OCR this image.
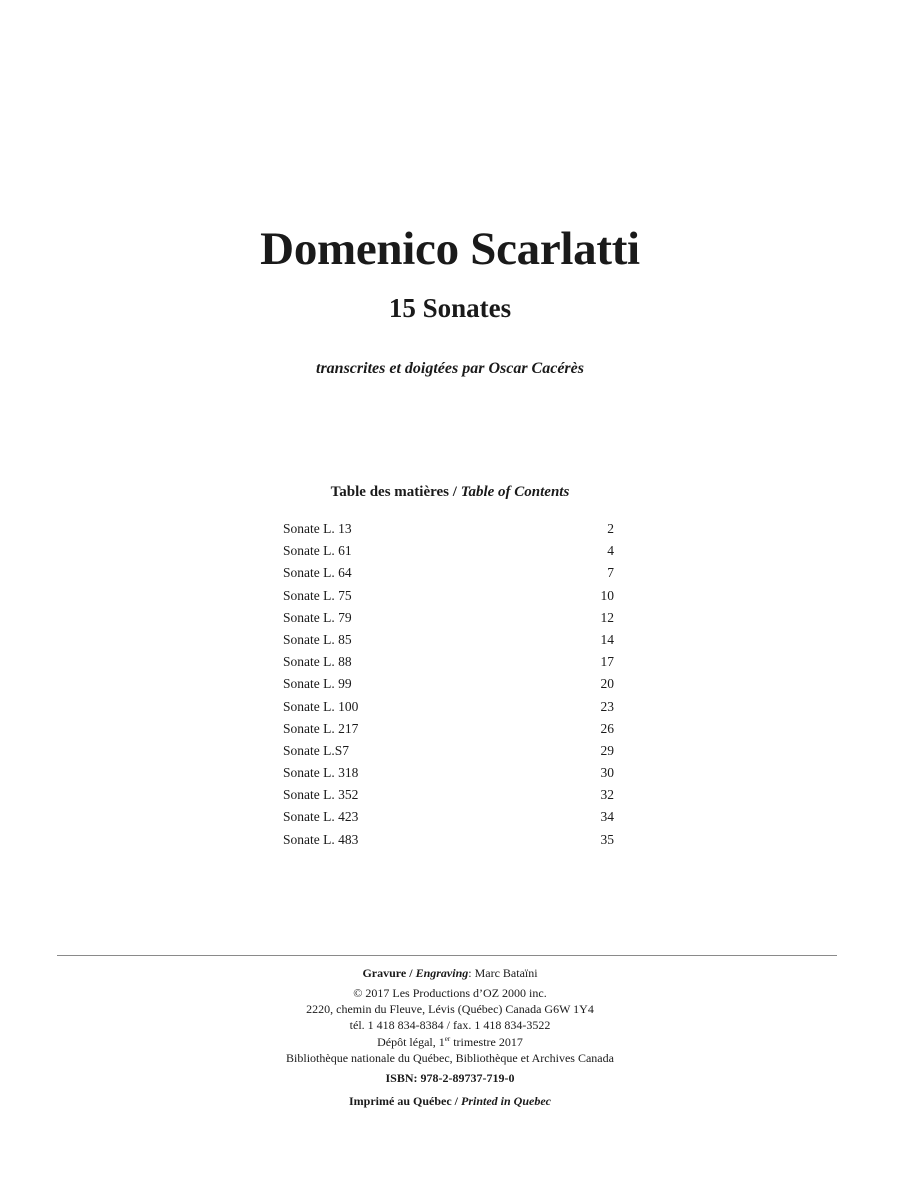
Domenico Scarlatti
15 Sonates

transcrites et doigtées par Oscar Cacérès

Table des matières / Table of Contents

Sonate L. 13	2
Sonate L. 61	4
Sonate L. 64	7
Sonate L. 75	10
Sonate L. 79	12
Sonate L. 85	14
Sonate L. 88	17
Sonate L. 99	20
Sonate L. 100	23
Sonate L. 217	26
Sonate L.S7	29
Sonate L. 318	30
Sonate L. 352	32
Sonate L. 423	34
Sonate L. 483	35

Gravure / Engraving: Marc Bataïni

© 2017 Les Productions d’OZ 2000 inc.

2220, chemin du Fleuve, Lévis (Québec) Canada G6W 1Y4

tél. 1 418 834-8384 / fax. 1 418 834-3522

Dépôt légal, 1er trimestre 2017

Bibliothèque nationale du Québec, Bibliothèque et Archives Canada

ISBN: 978-2-89737-719-0

Imprimé au Québec / Printed in Quebec
